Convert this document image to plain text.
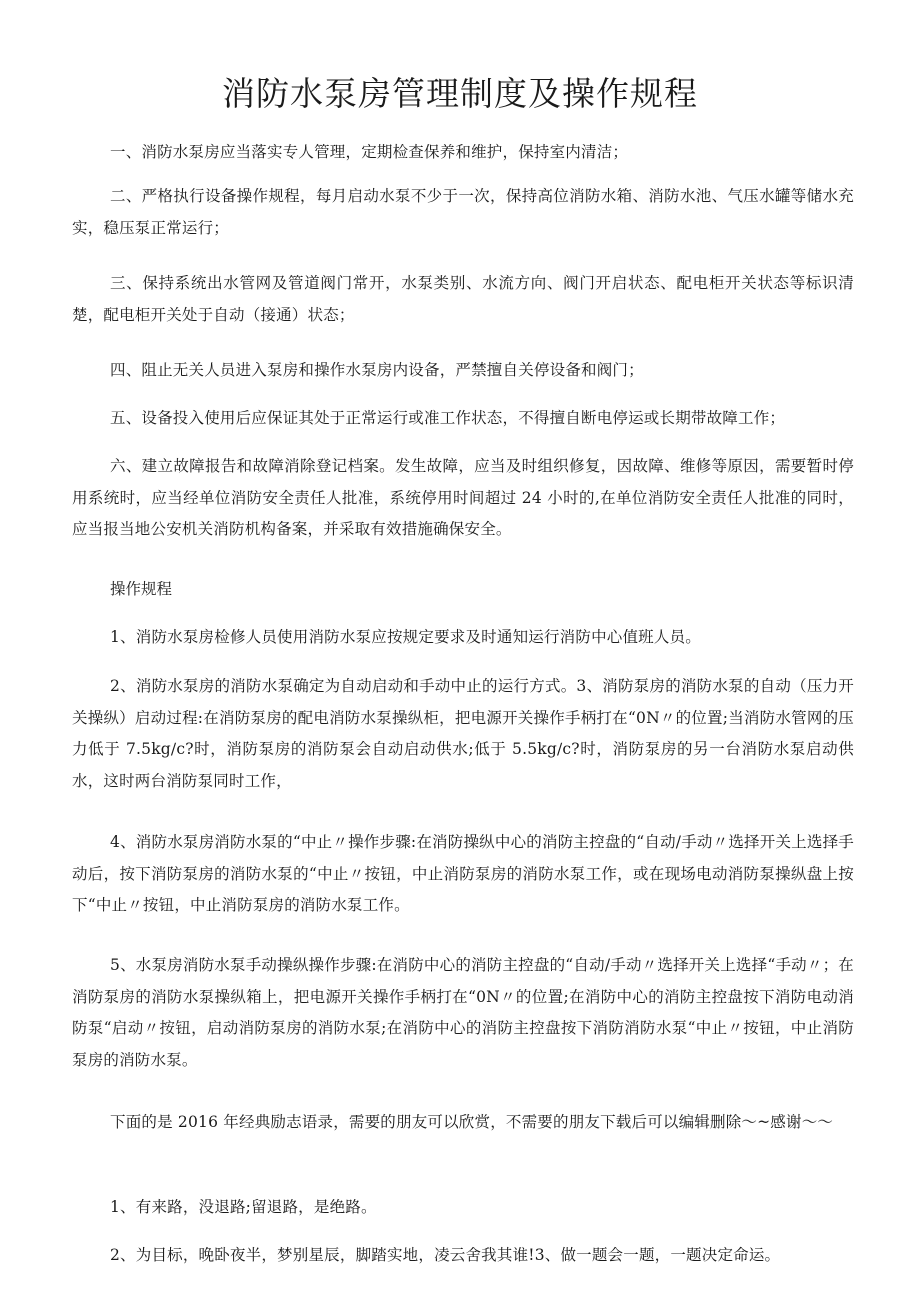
消防水泵房管理制度及操作规程

一、消防水泵房应当落实专人管理，定期检查保养和维护，保持室内清洁；

二、严格执行设备操作规程，每月启动水泵不少于一次，保持高位消防水箱、消防水池、气压水罐等储水充实，稳压泵正常运行；

三、保持系统出水管网及管道阀门常开，水泵类别、水流方向、阀门开启状态、配电柜开关状态等标识清楚，配电柜开关处于自动（接通）状态；

四、阻止无关人员进入泵房和操作水泵房内设备，严禁擅自关停设备和阀门；

五、设备投入使用后应保证其处于正常运行或准工作状态，不得擅自断电停运或长期带故障工作；

六、建立故障报告和故障消除登记档案。发生故障，应当及时组织修复，因故障、维修等原因，需要暂时停用系统时，应当经单位消防安全责任人批准，系统停用时间超过 24 小时的,在单位消防安全责任人批准的同时，应当报当地公安机关消防机构备案，并采取有效措施确保安全。

操作规程

1、消防水泵房检修人员使用消防水泵应按规定要求及时通知运行消防中心值班人员。

2、消防水泵房的消防水泵确定为自动启动和手动中止的运行方式。3、消防泵房的消防水泵的自动（压力开关操纵）启动过程:在消防泵房的配电消防水泵操纵柜，把电源开关操作手柄打在“0N〃的位置;当消防水管网的压力低于 7.5kg∕c?时，消防泵房的消防泵会自动启动供水;低于 5.5kg∕c?时，消防泵房的另一台消防水泵启动供水，这时两台消防泵同时工作，

4、消防水泵房消防水泵的“中止〃操作步骤:在消防操纵中心的消防主控盘的“自动/手动〃选择开关上选择手动后，按下消防泵房的消防水泵的“中止〃按钮，中止消防泵房的消防水泵工作，或在现场电动消防泵操纵盘上按下“中止〃按钮，中止消防泵房的消防水泵工作。

5、水泵房消防水泵手动操纵操作步骤:在消防中心的消防主控盘的“自动/手动〃选择开关上选择“手动〃；在消防泵房的消防水泵操纵箱上，把电源开关操作手柄打在“0N〃的位置;在消防中心的消防主控盘按下消防电动消防泵“启动〃按钮，启动消防泵房的消防水泵;在消防中心的消防主控盘按下消防消防水泵“中止〃按钮，中止消防泵房的消防水泵。

下面的是 2016 年经典励志语录，需要的朋友可以欣赏，不需要的朋友下载后可以编辑删除～~感谢～～

1、有来路，没退路;留退路，是绝路。

2、为目标，晚卧夜半，梦别星辰，脚踏实地，凌云舍我其谁!3、做一题会一题，一题决定命运。
